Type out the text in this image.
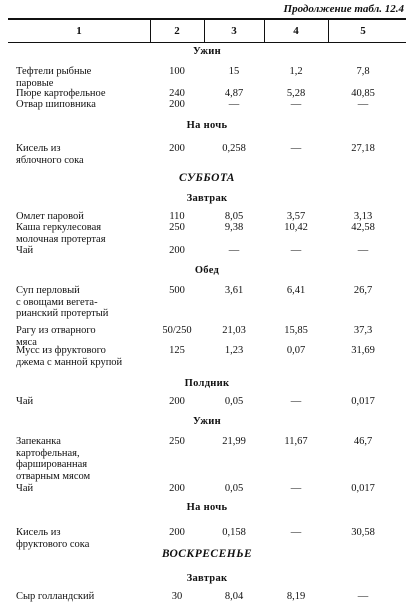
Продолжение табл. 12.4
1	2	3	4	5
Ужин
Тефтели рыбные
паровые
100	15	1,2	7,8
Пюре картофельное	240	4,87	5,28	40,85
Отвар шиповника	200	—	—	—
На ночь
Кисель из
яблочного сока
200	0,258	—	27,18
СУББОТА
Завтрак
Омлет паровой	110	8,05	3,57	3,13
Каша геркулесовая
молочная протертая
250	9,38	10,42	42,58
Чай	200	—	—	—
Обед
Суп перловый
с овощами вегета-
рианский протертый
500	3,61	6,41	26,7
Рагу из отварного
мяса
50/250	21,03	15,85	37,3
Мусс из фруктового
джема с манной крупой
125	1,23	0,07	31,69
Полдник
Чай	200	0,05	—	0,017
Ужин
Запеканка
картофельная,
фаршированная
отварным мясом
250	21,99	11,67	46,7
Чай	200	0,05	—	0,017
На ночь
Кисель из
фруктового сока
200	0,158	—	30,58
ВОСКРЕСЕНЬЕ
Завтрак
Сыр голландский	30	8,04	8,19	—
